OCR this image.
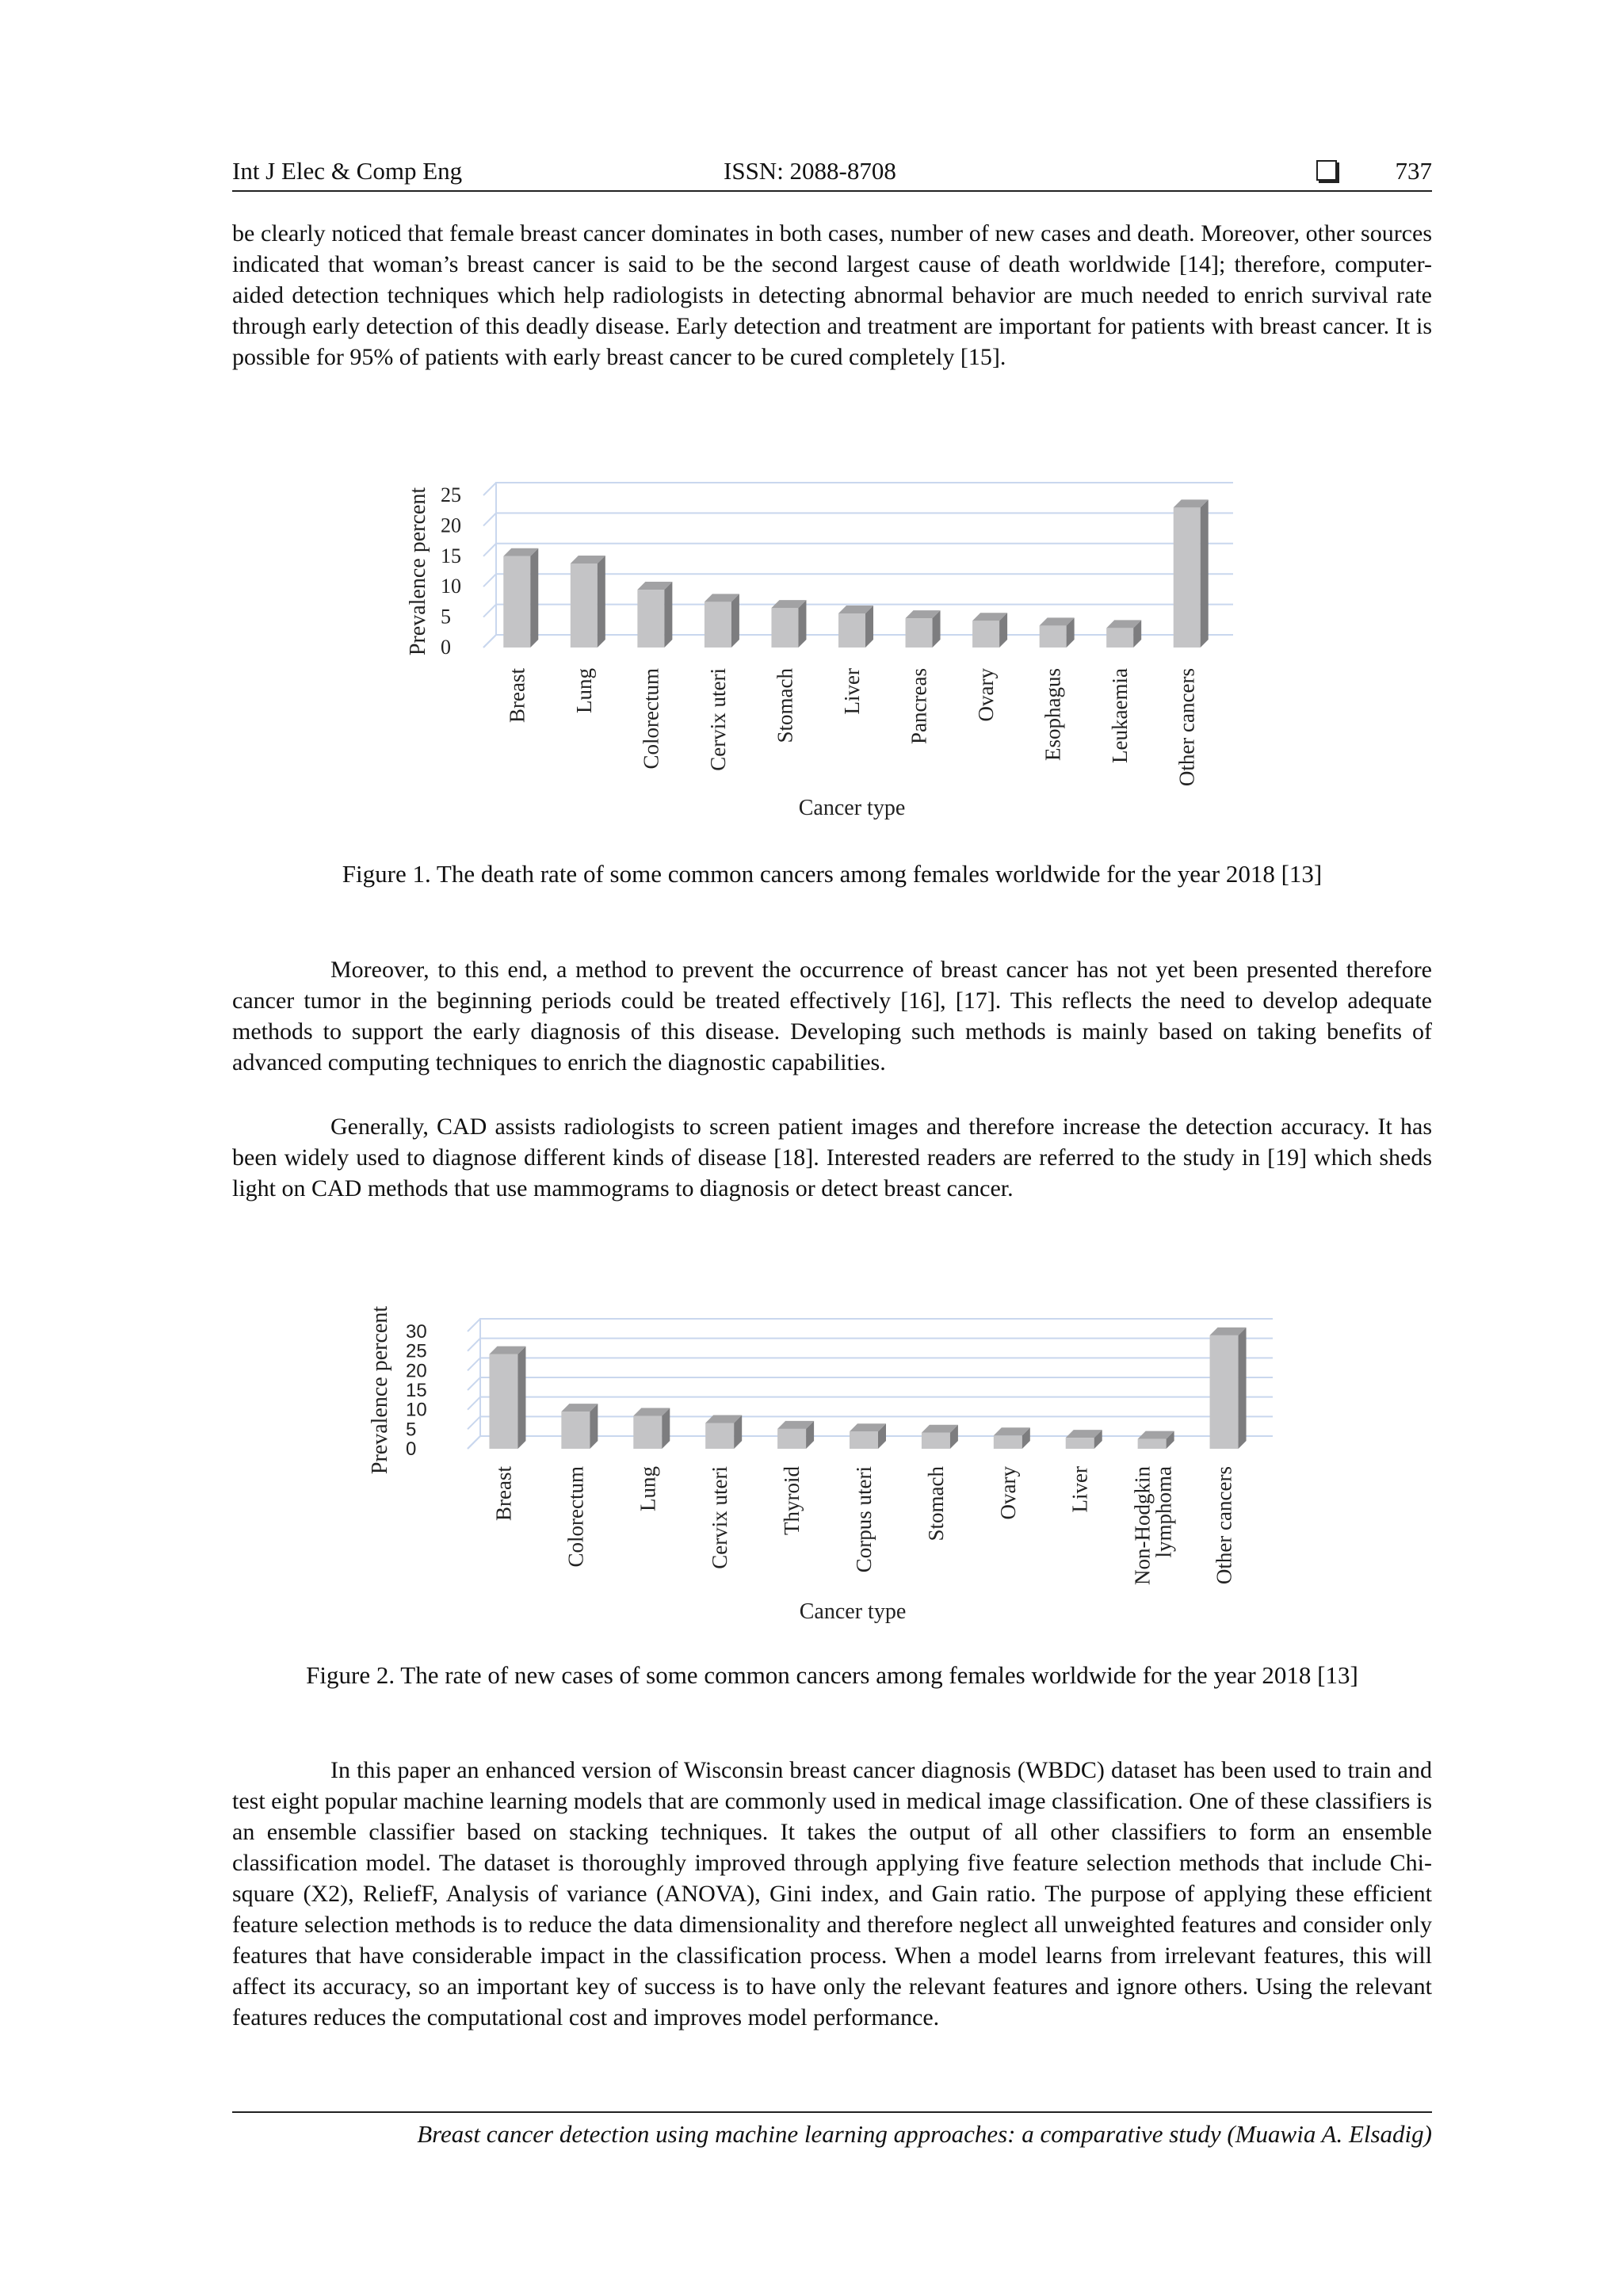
Int J Elec & Comp Eng	ISSN: 2088-8708	737

be clearly noticed that female breast cancer dominates in both cases, number of new cases and death. Moreover, other sources indicated that woman’s breast cancer is said to be the second largest cause of death worldwide [14]; therefore, computer-aided detection techniques which help radiologists in detecting abnormal behavior are much needed to enrich survival rate through early detection of this deadly disease. Early detection and treatment are important for patients with breast cancer. It is possible for 95% of patients with early breast cancer to be cured completely [15].

0
5
10
15
20
25
Breast Lung Colorectum Cervix uteri Stomach Liver Pancreas Ovary Esophagus Leukaemia Other cancers
Prevalence percent
Cancer type
Figure 1. The death rate of some common cancers among females worldwide for the year 2018 [13]

Moreover, to this end, a method to prevent the occurrence of breast cancer has not yet been presented therefore cancer tumor in the beginning periods could be treated effectively [16], [17]. This reflects the need to develop adequate methods to support the early diagnosis of this disease. Developing such methods is mainly based on taking benefits of advanced computing techniques to enrich the diagnostic capabilities.

Generally, CAD assists radiologists to screen patient images and therefore increase the detection accuracy. It has been widely used to diagnose different kinds of disease [18]. Interested readers are referred to the study in [19] which sheds light on CAD methods that use mammograms to diagnosis or detect breast cancer.

0
5
10
15
20
25
30
Breast Colorectum Lung Cervix uteri Thyroid Corpus uteri Stomach Ovary Liver Non-Hodgkinlymphoma Other cancers
Prevalence percent
Cancer type
Figure 2. The rate of new cases of some common cancers among females worldwide for the year 2018 [13]

In this paper an enhanced version of Wisconsin breast cancer diagnosis (WBDC) dataset has been used to train and test eight popular machine learning models that are commonly used in medical image classification. One of these classifiers is an ensemble classifier based on stacking techniques. It takes the output of all other classifiers to form an ensemble classification model. The dataset is thoroughly improved through applying five feature selection methods that include Chi-square (X2), ReliefF, Analysis of variance (ANOVA), Gini index, and Gain ratio. The purpose of applying these efficient feature selection methods is to reduce the data dimensionality and therefore neglect all unweighted features and consider only features that have considerable impact in the classification process. When a model learns from irrelevant features, this will affect its accuracy, so an important key of success is to have only the relevant features and ignore others. Using the relevant features reduces the computational cost and improves model performance.

Breast cancer detection using machine learning approaches: a comparative study (Muawia A. Elsadig)
